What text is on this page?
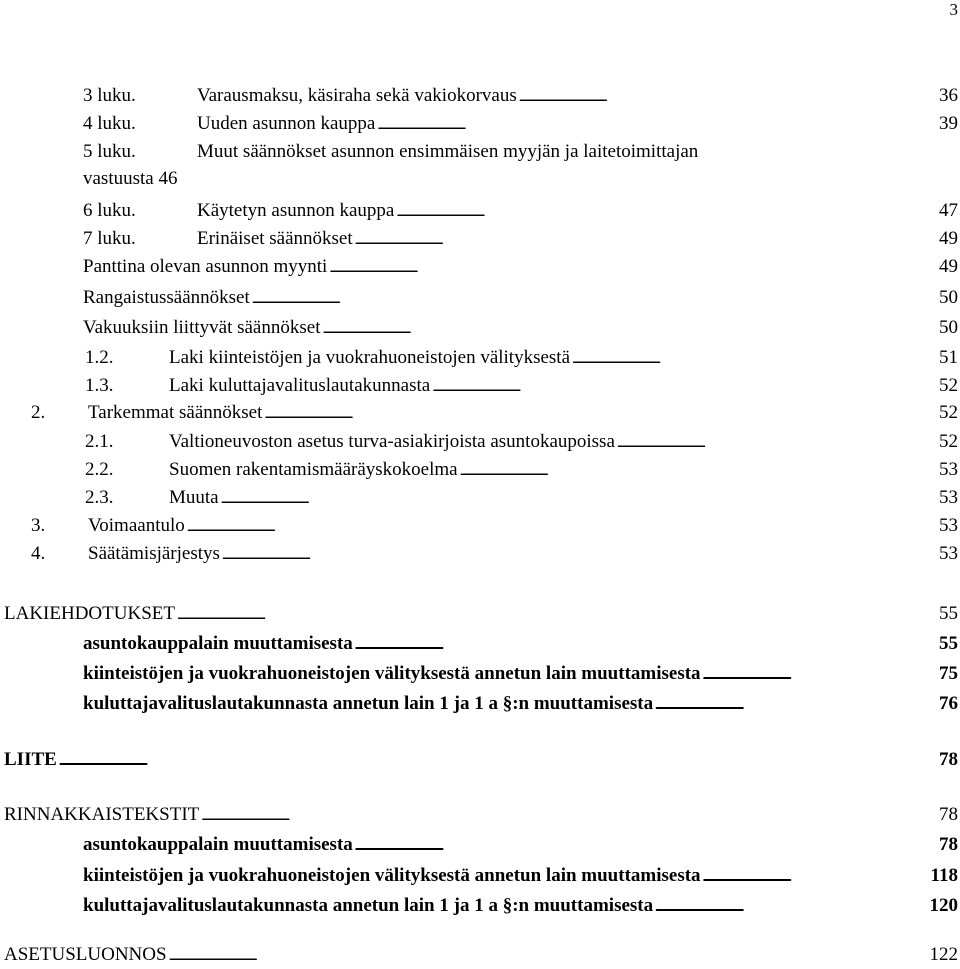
3
3 luku.	Varausmaksu, käsiraha sekä vakiokorvaus . . .	36
4 luku.	Uuden asunnon kauppa . . .	39
5 luku.	Muut säännökset asunnon ensimmäisen myyjän ja laitetoimittajan
vastuusta 46
6 luku.	Käytetyn asunnon kauppa . . .	47
7 luku.	Erinäiset säännökset . . .	49
Panttina olevan asunnon myynti . . .	49
Rangaistussäännökset . . .	50
Vakuuksiin liittyvät säännökset . . .	50
1.2.	Laki kiinteistöjen ja vuokrahuoneistojen välityksestä . . .	51
1.3.	Laki kuluttajavalituslautakunnasta . . .	52
2.	Tarkemmat säännökset . . .	52
2.1.	Valtioneuvoston asetus turva-asiakirjoista asuntokaupoissa . . .	52
2.2.	Suomen rakentamismääräyskokoelma . . .	53
2.3.	Muuta . . .	53
3.	Voimaantulo . . .	53
4.	Säätämisjärjestys . . .	53
LAKIEHDOTUKSET . . .	55
asuntokauppalain muuttamisesta . . .	55
kiinteistöjen ja vuokrahuoneistojen välityksestä annetun lain muuttamisesta . . .	75
kuluttajavalituslautakunnasta annetun lain 1 ja 1 a §:n muuttamisesta . . .	76
LIITE . . .	78
RINNAKKAISTEKSTIT . . .	78
asuntokauppalain muuttamisesta . . .	78
kiinteistöjen ja vuokrahuoneistojen välityksestä annetun lain muuttamisesta . . .	118
kuluttajavalituslautakunnasta annetun lain 1 ja 1 a §:n muuttamisesta . . .	120
ASETUSLUONNOS . . .	122
